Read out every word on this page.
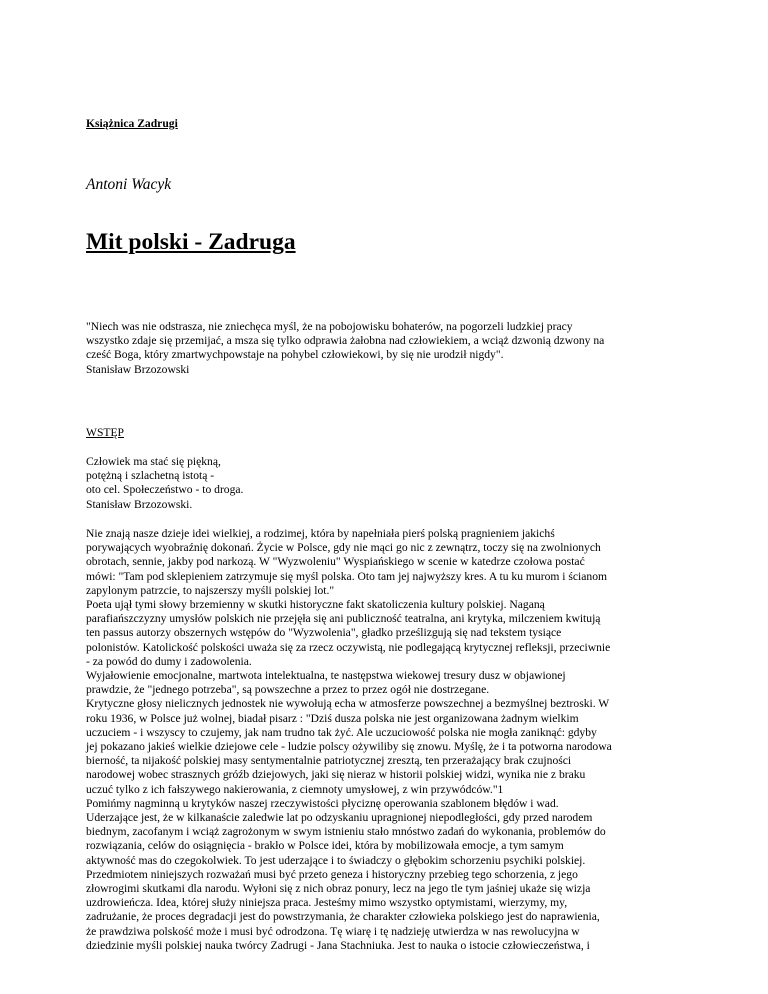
Książnica Zadrugi
Antoni Wacyk
Mit polski - Zadruga
"Niech was nie odstrasza, nie zniechęca myśl, że na pobojowisku bohaterów, na pogorzeli ludzkiej pracy
wszystko zdaje się przemijać, a msza się tylko odprawia żałobna nad człowiekiem, a wciąż dzwonią dzwony na
cześć Boga, który zmartwychpowstaje na pohybel człowiekowi, by się nie urodził nigdy".
Stanisław Brzozowski
WSTĘP
Człowiek ma stać się piękną,
potężną i szlachetną istotą -
oto cel. Społeczeństwo - to droga.
Stanisław Brzozowski.
Nie znają nasze dzieje idei wielkiej, a rodzimej, która by napełniała pierś polską pragnieniem jakichś
porywających wyobraźnię dokonań. Życie w Polsce, gdy nie mąci go nic z zewnątrz, toczy się na zwolnionych
obrotach, sennie, jakby pod narkozą. W "Wyzwoleniu" Wyspiańskiego w scenie w katedrze czołowa postać
mówi: "Tam pod sklepieniem zatrzymuje się myśl polska. Oto tam jej najwyższy kres. A tu ku murom i ścianom
zapylonym patrzcie, to najszerszy myśli polskiej lot."
Poeta ujął tymi słowy brzemienny w skutki historyczne fakt skatoliczenia kultury polskiej. Naganą
parafiańszczyzny umysłów polskich nie przejęła się ani publiczność teatralna, ani krytyka, milczeniem kwitują
ten passus autorzy obszernych wstępów do "Wyzwolenia", gładko prześlizgują się nad tekstem tysiące
polonistów. Katolickość polskości uważa się za rzecz oczywistą, nie podlegającą krytycznej refleksji, przeciwnie
- za powód do dumy i zadowolenia.
Wyjałowienie emocjonalne, martwota intelektualna, te następstwa wiekowej tresury dusz w objawionej
prawdzie, że "jednego potrzeba", są powszechne a przez to przez ogół nie dostrzegane.
Krytyczne głosy nielicznych jednostek nie wywołują echa w atmosferze powszechnej a bezmyślnej beztroski. W
roku 1936, w Polsce już wolnej, biadał pisarz : "Dziś dusza polska nie jest organizowana żadnym wielkim
uczuciem - i wszyscy to czujemy, jak nam trudno tak żyć. Ale uczuciowość polska nie mogła zaniknąć: gdyby
jej pokazano jakieś wielkie dziejowe cele - ludzie polscy ożywiliby się znowu. Myślę, że i ta potworna narodowa
bierność, ta nijakość polskiej masy sentymentalnie patriotycznej zresztą, ten przerażający brak czujności
narodowej wobec strasznych gróźb dziejowych, jaki się nieraz w historii polskiej widzi, wynika nie z braku
uczuć tylko z ich fałszywego nakierowania, z ciemnoty umysłowej, z win przywódców."1
Pomińmy nagminną u krytyków naszej rzeczywistości płyciznę operowania szablonem błędów i wad.
Uderzające jest, że w kilkanaście zaledwie lat po odzyskaniu upragnionej niepodległości, gdy przed narodem
biednym, zacofanym i wciąż zagrożonym w swym istnieniu stało mnóstwo zadań do wykonania, problemów do
rozwiązania, celów do osiągnięcia - brakło w Polsce idei, która by mobilizowała emocje, a tym samym
aktywność mas do czegokolwiek. To jest uderzające i to świadczy o głębokim schorzeniu psychiki polskiej.
Przedmiotem niniejszych rozważań musi być przeto geneza i historyczny przebieg tego schorzenia, z jego
złowrogimi skutkami dla narodu. Wyłoni się z nich obraz ponury, lecz na jego tle tym jaśniej ukaże się wizja
uzdrowieńcza. Idea, której służy niniejsza praca. Jesteśmy mimo wszystko optymistami, wierzymy, my,
zadrużanie, że proces degradacji jest do powstrzymania, że charakter człowieka polskiego jest do naprawienia,
że prawdziwa polskość może i musi być odrodzona. Tę wiarę i tę nadzieję utwierdza w nas rewolucyjna w
dziedzinie myśli polskiej nauka twórcy Zadrugi - Jana Stachniuka. Jest to nauka o istocie człowieczeństwa, i
